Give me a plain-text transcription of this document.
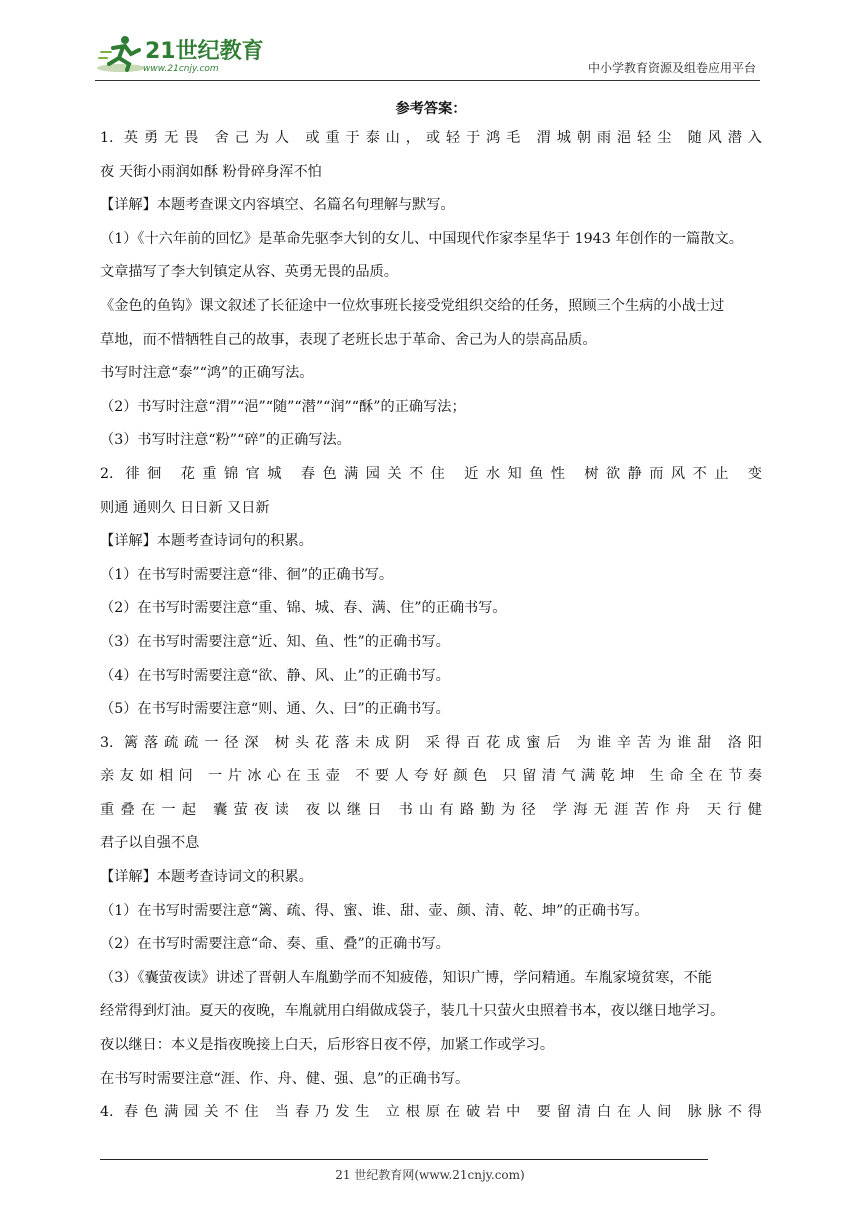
21世纪教育
www.21cnjy.com	中小学教育资源及组卷应用平台

参考答案：

1. 英勇无畏 舍己为人 或重于泰山，或轻于鸿毛 渭城朝雨浥轻尘 随风潜入

夜 天街小雨润如酥 粉骨碎身浑不怕

【详解】本题考查课文内容填空、名篇名句理解与默写。

（1）《十六年前的回忆》是革命先驱李大钊的女儿、中国现代作家李星华于 1943 年创作的一篇散文。

文章描写了李大钊镇定从容、英勇无畏的品质。

《金色的鱼钩》课文叙述了长征途中一位炊事班长接受党组织交给的任务，照顾三个生病的小战士过

草地，而不惜牺牲自己的故事，表现了老班长忠于革命、舍己为人的崇高品质。

书写时注意“泰”“鸿”的正确写法。

（2）书写时注意“渭”“浥”“随”“潜”“润”“酥”的正确写法；

（3）书写时注意“粉”“碎”的正确写法。

2. 徘徊 花重锦官城 春色满园关不住 近水知鱼性 树欲静而风不止 变

则通 通则久 日日新 又日新

【详解】本题考查诗词句的积累。

（1）在书写时需要注意“徘、徊”的正确书写。

（2）在书写时需要注意“重、锦、城、春、满、住”的正确书写。

（3）在书写时需要注意“近、知、鱼、性”的正确书写。

（4）在书写时需要注意“欲、静、风、止”的正确书写。

（5）在书写时需要注意“则、通、久、曰”的正确书写。

3. 篱落疏疏一径深 树头花落未成阴 采得百花成蜜后 为谁辛苦为谁甜 洛阳

亲友如相问 一片冰心在玉壶 不要人夸好颜色 只留清气满乾坤 生命全在节奏

重叠在一起 囊萤夜读 夜以继日 书山有路勤为径 学海无涯苦作舟 天行健

君子以自强不息

【详解】本题考查诗词文的积累。

（1）在书写时需要注意“篱、疏、得、蜜、谁、甜、壶、颜、清、乾、坤”的正确书写。

（2）在书写时需要注意“命、奏、重、叠”的正确书写。

（3）《囊萤夜读》讲述了晋朝人车胤勤学而不知疲倦，知识广博，学问精通。车胤家境贫寒，不能

经常得到灯油。夏天的夜晚，车胤就用白绢做成袋子，装几十只萤火虫照着书本，夜以继日地学习。

夜以继日：本义是指夜晚接上白天，后形容日夜不停，加紧工作或学习。

在书写时需要注意“涯、作、舟、健、强、息”的正确书写。

4. 春色满园关不住 当春乃发生 立根原在破岩中 要留清白在人间 脉脉不得

21 世纪教育网(www.21cnjy.com)
